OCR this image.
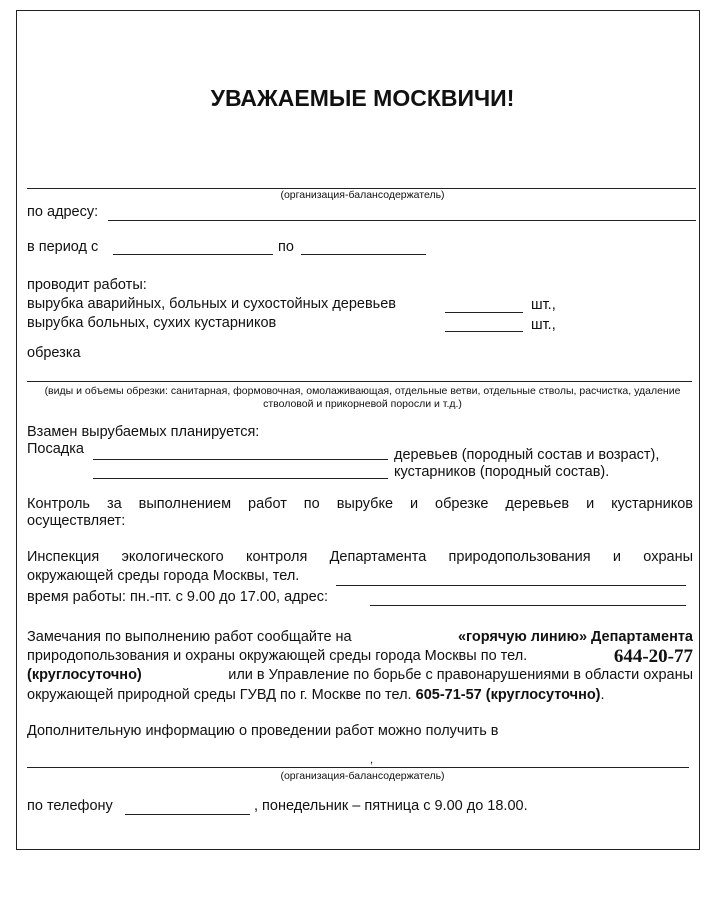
УВАЖАЕМЫЕ МОСКВИЧИ!
(организация-балансодержатель)
по адресу:
в период с	по
проводит работы:
вырубка аварийных, больных и сухостойных деревьев	шт.,
вырубка больных, сухих кустарников	шт.,
обрезка
(виды и объемы обрезки: санитарная, формовочная, омолаживающая, отдельные ветви, отдельные стволы, расчистка, удаление
стволовой и прикорневой поросли и т.д.)
Взамен вырубаемых планируется:
Посадка	деревьев (породный состав и возраст),
кустарников (породный состав).
Контроль за выполнением работ по вырубке и обрезке деревьев и кустарников
осуществляет:
Инспекция экологического контроля Департамента природопользования и охраны
окружающей среды города Москвы, тел.
время работы: пн.-пт. с 9.00 до 17.00, адрес:
Замечания по выполнению работ сообщайте на	«горячую линию» Департамента
природопользования и охраны окружающей среды города Москвы по тел.	644-20-77
(круглосуточно)	или в Управление по борьбе с правонарушениями в области охраны
окружающей природной среды ГУВД по г. Москве по тел. 605-71-57 (круглосуточно).
Дополнительную информацию о проведении работ можно получить в
,
(организация-балансодержатель)
по телефону	, понедельник – пятница с 9.00 до 18.00.
